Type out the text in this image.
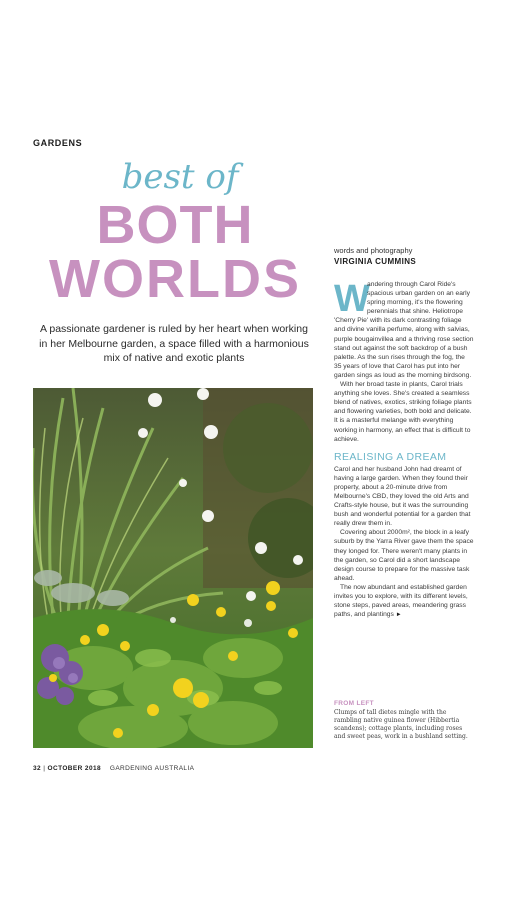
GARDENS
best of
BOTH
WORLDS
A passionate gardener is ruled by her heart when working in her Melbourne garden, a space filled with a harmonious mix of native and exotic plants
words and photography
VIRGINIA CUMMINS

W
andering through Carol Ride's spacious urban garden on an early spring morning, it's the flowering perennials that shine. Heliotrope 'Cherry Pie' with its dark contrasting foliage and divine vanilla perfume, along with salvias, purple bougainvillea and a thriving rose section stand out against the soft backdrop of a bush palette. As the sun rises through the fog, the 35 years of love that Carol has put into her garden sings as loud as the morning birdsong.

With her broad taste in plants, Carol trials anything she loves. She's created a seamless blend of natives, exotics, striking foliage plants and flowering varieties, both bold and delicate. It is a masterful melange with everything working in harmony, an effect that is difficult to achieve.

REALISING A DREAM

Carol and her husband John had dreamt of having a large garden. When they found their property, about a 20-minute drive from Melbourne's CBD, they loved the old Arts and Crafts-style house, but it was the surrounding bush and wonderful potential for a garden that really drew them in.

Covering about 2000m², the block in a leafy suburb by the Yarra River gave them the space they longed for. There weren't many plants in the garden, so Carol did a short landscape design course to prepare for the massive task ahead.

The now abundant and established garden invites you to explore, with its different levels, stone steps, paved areas, meandering grass paths, and plantings ►

FROM LEFT
Clumps of tall dietes mingle with the rambling native guinea flower (Hibbertia scandens); cottage plants, including roses and sweet peas, work in a bushland setting.
32 | OCTOBER 2018 GARDENING AUSTRALIA
